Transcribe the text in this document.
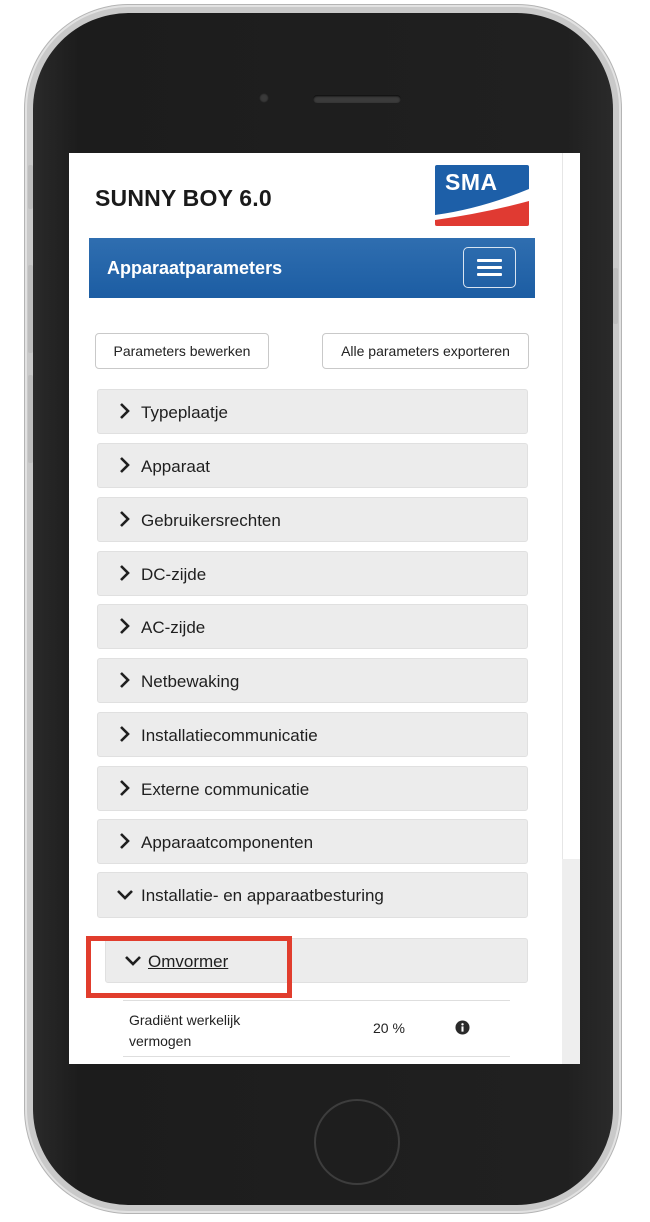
SUNNY BOY 6.0
SMA
Apparaatparameters
Parameters bewerken	Alle parameters exporteren
Typeplaatje
Apparaat
Gebruikersrechten
DC-zijde
AC-zijde
Netbewaking
Installatiecommunicatie
Externe communicatie
Apparaatcomponenten
Installatie- en apparaatbesturing
Omvormer
Gradiënt werkelijk vermogen
20 %
